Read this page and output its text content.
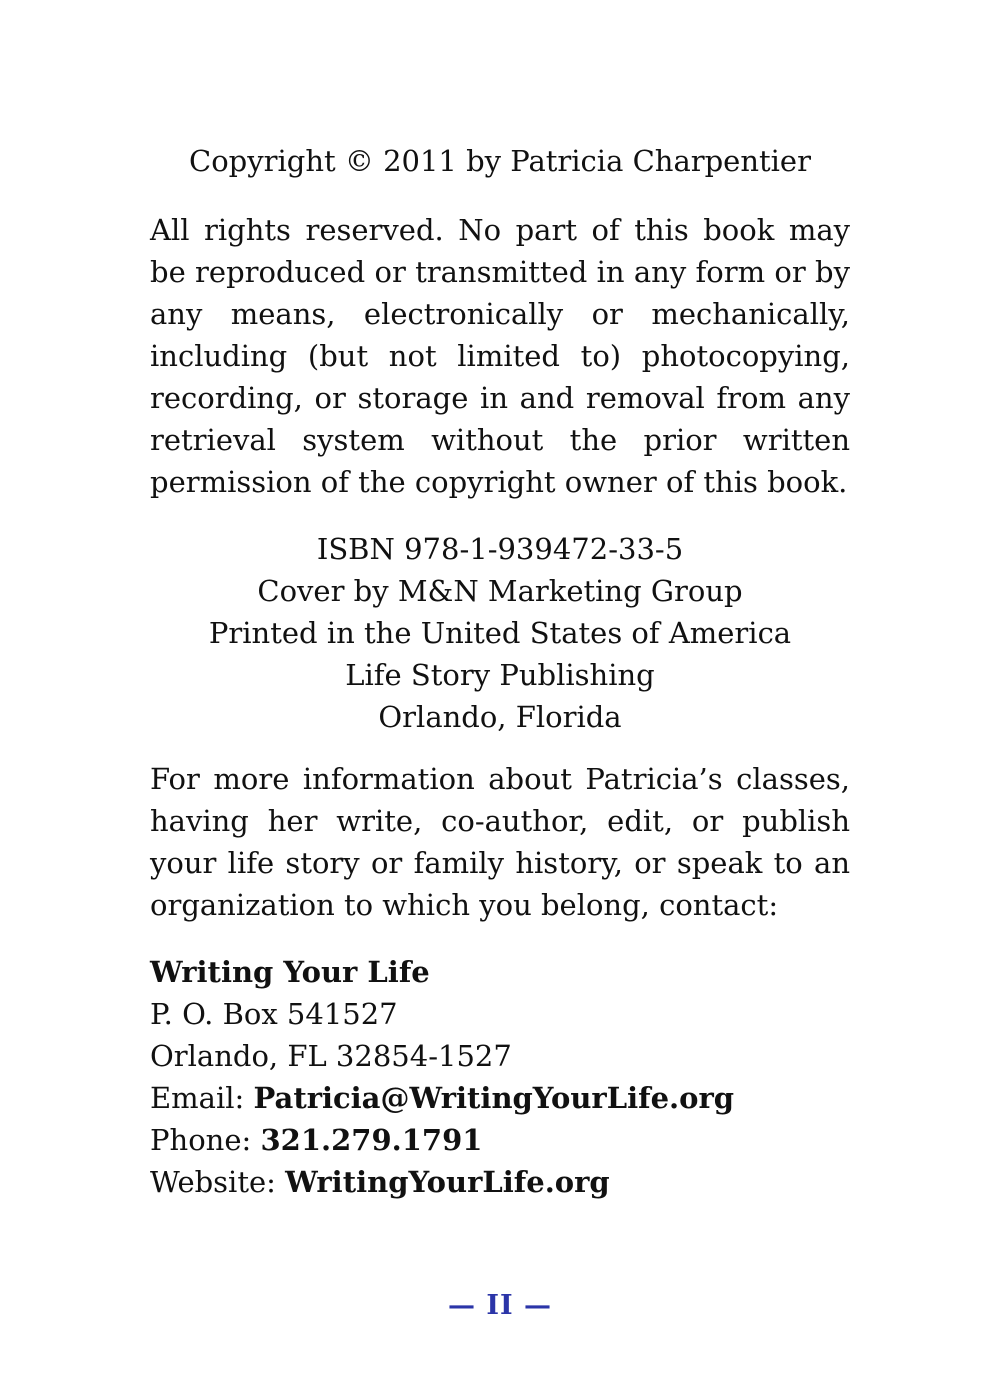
Copyright © 2011 by Patricia Charpentier

All rights reserved. No part of this book may be reproduced or transmitted in any form or by any means, electronically or mechanically, including (but not limited to) photocopying, recording, or storage in and removal from any retrieval system without the prior written permission of the copyright owner of this book.

ISBN 978-1-939472-33-5
Cover by M&N Marketing Group
Printed in the United States of America
Life Story Publishing
Orlando, Florida

For more information about Patricia’s classes, having her write, co-author, edit, or publish your life story or family history, or speak to an organization to which you belong, contact:

Writing Your Life
P. O. Box 541527
Orlando, FL 32854-1527
Email: Patricia@WritingYourLife.org
Phone: 321.279.1791
Website: WritingYourLife.org
— II —
